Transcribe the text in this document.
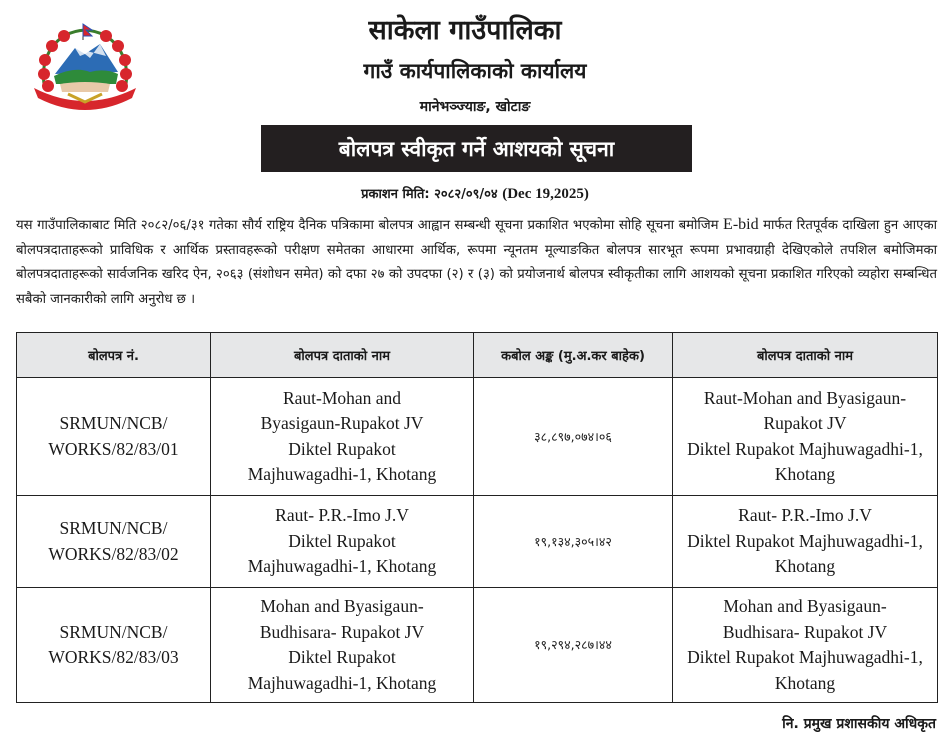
साकेला गाउँपालिका
गाउँ कार्यपालिकाको कार्यालय
मानेभञ्ज्याङ, खोटाङ
बोलपत्र स्वीकृत गर्ने आशयको सूचना
प्रकाशन मिति: २०८२/०९/०४ (Dec 19,2025)
यस गाउँपालिकाबाट मिति २०८२/०६/३१ गतेका सौर्य राष्ट्रिय दैनिक पत्रिकामा बोलपत्र आह्वान सम्बन्धी सूचना प्रकाशित भएकोमा सोहि सूचना बमोजिम E-bid मार्फत रितपूर्वक दाखिला हुन आएका बोलपत्रदाताहरूको प्राविधिक र आर्थिक प्रस्तावहरूको परीक्षण समेतका आधारमा आर्थिक, रूपमा न्यूनतम मूल्याङकित बोलपत्र सारभूत रूपमा प्रभावग्राही देखिएकोले तपशिल बमोजिमका बोलपत्रदाताहरूको सार्वजनिक खरिद ऐन, २०६३ (संशोधन समेत) को दफा २७ को उपदफा (२) र (३) को प्रयोजनार्थ बोलपत्र स्वीकृतीका लागि आशयको सूचना प्रकाशित गरिएको व्यहोरा सम्बन्धित सबैको जानकारीको लागि अनुरोध छ ।
बोलपत्र नं.	बोलपत्र दाताको नाम	कबोल अङ्क (मु.अ.कर बाहेक)	बोलपत्र दाताको नाम

SRMUN/NCB/
WORKS/82/83/01	Raut-Mohan and
Byasigaun-Rupakot JV
Diktel Rupakot
Majhuwagadhi-1, Khotang	३८,८९७,०७४।०६	Raut-Mohan and Byasigaun-
Rupakot JV
Diktel Rupakot Majhuwagadhi-1,
Khotang

SRMUN/NCB/
WORKS/82/83/02	Raut- P.R.-Imo J.V
Diktel Rupakot
Majhuwagadhi-1, Khotang	१९,१३४,३०५।४२	Raut- P.R.-Imo J.V
Diktel Rupakot Majhuwagadhi-1,
Khotang

SRMUN/NCB/
WORKS/82/83/03	Mohan and Byasigaun-
Budhisara- Rupakot JV
Diktel Rupakot
Majhuwagadhi-1, Khotang	१९,२९४,२८७।४४	Mohan and Byasigaun-
Budhisara- Rupakot JV
Diktel Rupakot Majhuwagadhi-1,
Khotang
नि. प्रमुख प्रशासकीय अधिकृत
